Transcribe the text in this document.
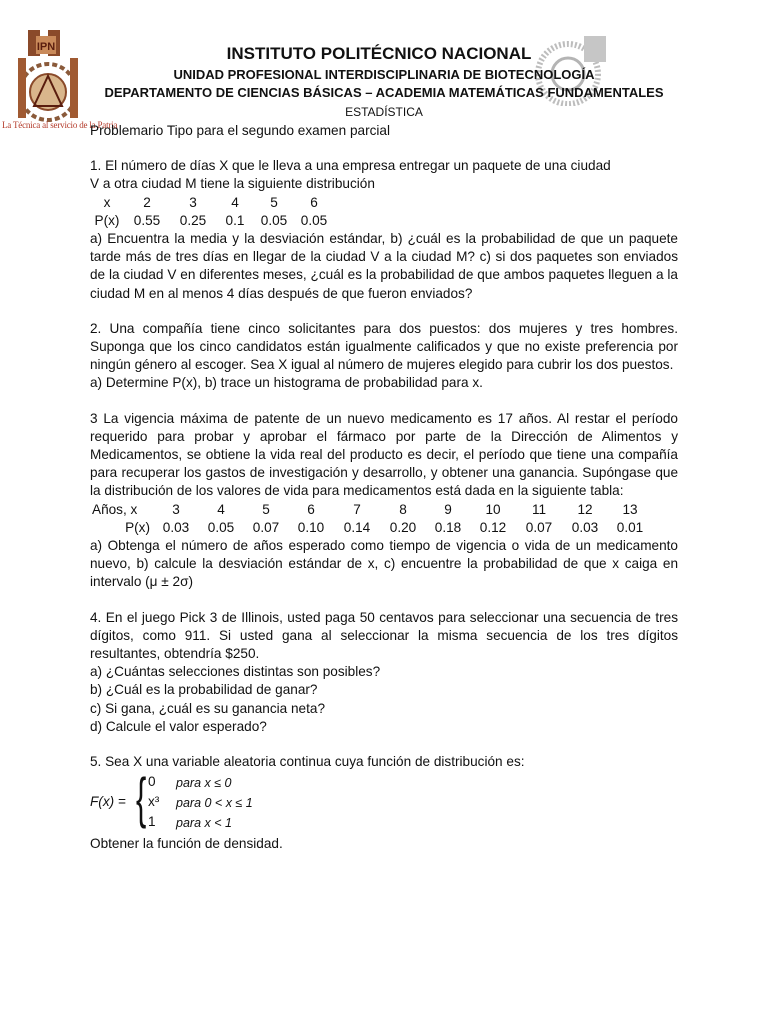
IPN
La Técnica al servicio de la Patria
INSTITUTO POLITÉCNICO NACIONAL
UNIDAD PROFESIONAL INTERDISCIPLINARIA DE BIOTECNOLOGÍA
DEPARTAMENTO DE CIENCIAS BÁSICAS – ACADEMIA MATEMÁTICAS FUNDAMENTALES
ESTADÍSTICA

Problemario Tipo para el segundo examen parcial

1. El número de días X que le lleva a una empresa entregar un paquete de una ciudad

V a otra ciudad M tiene la siguiente distribución

x	2	3	4	5	6
P(x)	0.55	0.25	0.1	0.05	0.05

a) Encuentra la media y la desviación estándar, b) ¿cuál es la probabilidad de que un paquete tarde más de tres días en llegar de la ciudad V a la ciudad M? c) si dos paquetes son enviados de la ciudad V en diferentes meses, ¿cuál es la probabilidad de que ambos paquetes lleguen a la ciudad M en al menos 4 días después de que fueron enviados?

2. Una compañía tiene cinco solicitantes para dos puestos: dos mujeres y tres hombres. Suponga que los cinco candidatos están igualmente calificados y que no existe preferencia por ningún género al escoger. Sea X igual al número de mujeres elegido para cubrir los dos puestos.

a) Determine P(x), b) trace un histograma de probabilidad para x.

3 La vigencia máxima de patente de un nuevo medicamento es 17 años. Al restar el período requerido para probar y aprobar el fármaco por parte de la Dirección de Alimentos y Medicamentos, se obtiene la vida real del producto es decir, el período que tiene una compañía para recuperar los gastos de investigación y desarrollo, y obtener una ganancia. Supóngase que la distribución de los valores de vida para medicamentos está dada en la siguiente tabla:

Años, x	3	4	5	6	7	8	9	10	11	12	13
P(x)	0.03	0.05	0.07	0.10	0.14	0.20	0.18	0.12	0.07	0.03	0.01

a) Obtenga el número de años esperado como tiempo de vigencia o vida de un medicamento nuevo, b) calcule la desviación estándar de x, c) encuentre la probabilidad de que x caiga en intervalo (μ ± 2σ)

4. En el juego Pick 3 de Illinois, usted paga 50 centavos para seleccionar una secuencia de tres dígitos, como 911. Si usted gana al seleccionar la misma secuencia de los tres dígitos resultantes, obtendría $250.

a) ¿Cuántas selecciones distintas son posibles?

b) ¿Cuál es la probabilidad de ganar?

c) Si gana, ¿cuál es su ganancia neta?

d) Calcule el valor esperado?

5. Sea X una variable aleatoria continua cuya función de distribución es:

F(x) = { 0 para x ≤ 0
x³ para 0 < x ≤ 1
1 para x < 1

Obtener la función de densidad.
